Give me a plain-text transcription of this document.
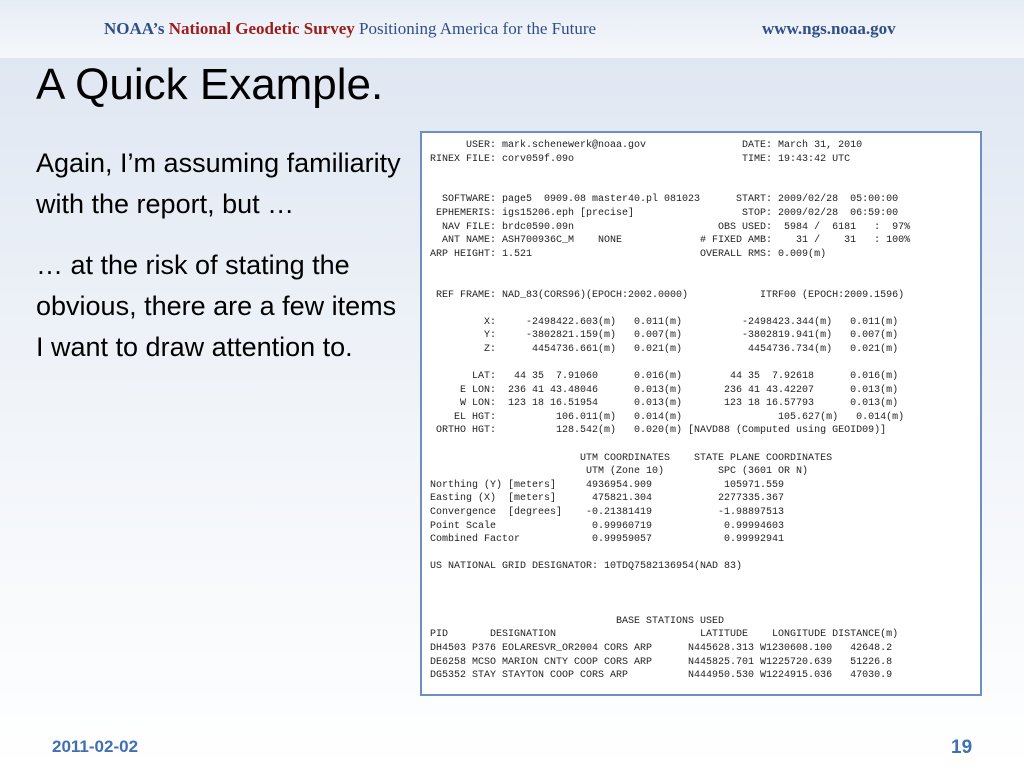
NOAA’s National Geodetic Survey Positioning America for the Future	www.ngs.noaa.gov
A Quick Example.

Again, I’m assuming familiarity with the report, but …

… at the risk of stating the obvious, there are a few items I want to draw attention to.

USER: mark.schenewerk@noaa.gov                DATE: March 31, 2010
RINEX FILE: corv059f.09o                            TIME: 19:43:42 UTC

SOFTWARE: page5  0909.08 master40.pl 081023      START: 2009/02/28  05:00:00
EPHEMERIS: igs15206.eph [precise]                  STOP: 2009/02/28  06:59:00
NAV FILE: brdc0590.09n                        OBS USED:  5984 /  6181   :  97%
ANT NAME: ASH700936C_M    NONE             # FIXED AMB:    31 /    31   : 100%
ARP HEIGHT: 1.521                            OVERALL RMS: 0.009(m)

REF FRAME: NAD_83(CORS96)(EPOCH:2002.0000)            ITRF00 (EPOCH:2009.1596)

X:     -2498422.603(m)   0.011(m)          -2498423.344(m)   0.011(m)
Y:     -3802821.159(m)   0.007(m)          -3802819.941(m)   0.007(m)
Z:      4454736.661(m)   0.021(m)           4454736.734(m)   0.021(m)

LAT:   44 35  7.91060      0.016(m)        44 35  7.92618      0.016(m)
E LON:  236 41 43.48046      0.013(m)       236 41 43.42207      0.013(m)
W LON:  123 18 16.51954      0.013(m)       123 18 16.57793      0.013(m)
EL HGT:          106.011(m)   0.014(m)                105.627(m)   0.014(m)
ORTHO HGT:          128.542(m)   0.020(m) [NAVD88 (Computed using GEOID09)]

UTM COORDINATES    STATE PLANE COORDINATES
UTM (Zone 10)         SPC (3601 OR N)
Northing (Y) [meters]     4936954.909            105971.559
Easting (X)  [meters]      475821.304           2277335.367
Convergence  [degrees]    -0.21381419           -1.98897513
Point Scale                0.99960719            0.99994603
Combined Factor            0.99959057            0.99992941

US NATIONAL GRID DESIGNATOR: 10TDQ7582136954(NAD 83)

BASE STATIONS USED
PID       DESIGNATION                        LATITUDE    LONGITUDE DISTANCE(m)
DH4503 P376 EOLARESVR_OR2004 CORS ARP      N445628.313 W1230608.100   42648.2
DE6258 MCSO MARION CNTY COOP CORS ARP      N445825.701 W1225720.639   51226.8
DG5352 STAY STAYTON COOP CORS ARP          N444950.530 W1224915.036   47030.9

2011-02-02	19
